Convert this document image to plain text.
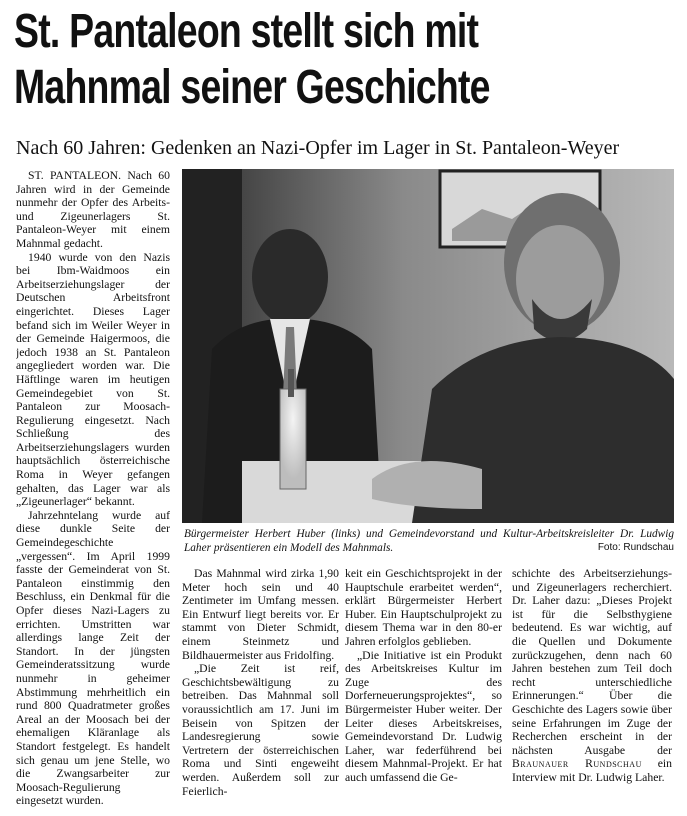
St. Pantaleon stellt sich mit
Mahnmal seiner Geschichte
Nach 60 Jahren: Gedenken an Nazi-Opfer im Lager in St. Pantaleon-Weyer

ST. PANTALEON. Nach 60 Jahren wird in der Gemeinde nunmehr der Opfer des Arbeits- und Zigeunerlagers St. Pantaleon-Weyer mit einem Mahnmal gedacht.

1940 wurde von den Nazis bei Ibm-Waidmoos ein Arbeitserziehungslager der Deutschen Arbeitsfront eingerichtet. Dieses Lager befand sich im Weiler Weyer in der Gemeinde Haigermoos, die jedoch 1938 an St. Pantaleon angegliedert worden war. Die Häftlinge waren im heutigen Gemeindegebiet von St. Pantaleon zur Moosach-Regulierung eingesetzt. Nach Schließung des Arbeitserziehungslagers wurden hauptsächlich österreichische Roma in Weyer gefangen gehalten, das Lager war als „Zigeunerlager“ bekannt.

Jahrzehntelang wurde auf diese dunkle Seite der Gemeindegeschichte „vergessen“. Im April 1999 fasste der Gemeinderat von St. Pantaleon einstimmig den Beschluss, ein Denkmal für die Opfer dieses Nazi-Lagers zu errichten. Umstritten war allerdings lange Zeit der Standort. In der jüngsten Gemeinderatssitzung wurde nunmehr in geheimer Abstimmung mehrheitlich ein rund 800 Quadratmeter großes Areal an der Moosach bei der ehemaligen Kläranlage als Standort festgelegt. Es handelt sich genau um jene Stelle, wo die Zwangsarbeiter zur Moosach-Regulierung eingesetzt wurden.

Bürgermeister Herbert Huber (links) und Gemeindevorstand und Kultur-Arbeitskreisleiter Dr. Ludwig Laher präsentieren ein Modell des Mahnmals.	Foto: Rundschau

Das Mahnmal wird zirka 1,90 Meter hoch sein und 40 Zentimeter im Umfang messen. Ein Entwurf liegt bereits vor. Er stammt von Dieter Schmidt, einem Steinmetz und Bildhauermeister aus Fridolfing.

„Die Zeit ist reif, Geschichtsbewältigung zu betreiben. Das Mahnmal soll voraussichtlich am 17. Juni im Beisein von Spitzen der Landesregierung sowie Vertretern der österreichischen Roma und Sinti engeweiht werden. Außerdem soll zur Feierlich-

keit ein Geschichtsprojekt in der Hauptschule erarbeitet werden“, erklärt Bürgermeister Herbert Huber. Ein Hauptschulprojekt zu diesem Thema war in den 80-er Jahren erfolglos geblieben.

„Die Initiative ist ein Produkt des Arbeitskreises Kultur im Zuge des Dorferneuerungsprojektes“, so Bürgermeister Huber weiter. Der Leiter dieses Arbeitskreises, Gemeindevorstand Dr. Ludwig Laher, war federführend bei diesem Mahnmal-Projekt. Er hat auch umfassend die Ge-

schichte des Arbeitserziehungs- und Zigeunerlagers recherchiert. Dr. Laher dazu: „Dieses Projekt ist für die Selbsthygiene bedeutend. Es war wichtig, auf die Quellen und Dokumente zurückzugehen, denn nach 60 Jahren bestehen zum Teil doch recht unterschiedliche Erinnerungen.“ Über die Geschichte des Lagers sowie über seine Erfahrungen im Zuge der Recherchen erscheint in der nächsten Ausgabe der Braunauer Rundschau ein Interview mit Dr. Ludwig Laher.
